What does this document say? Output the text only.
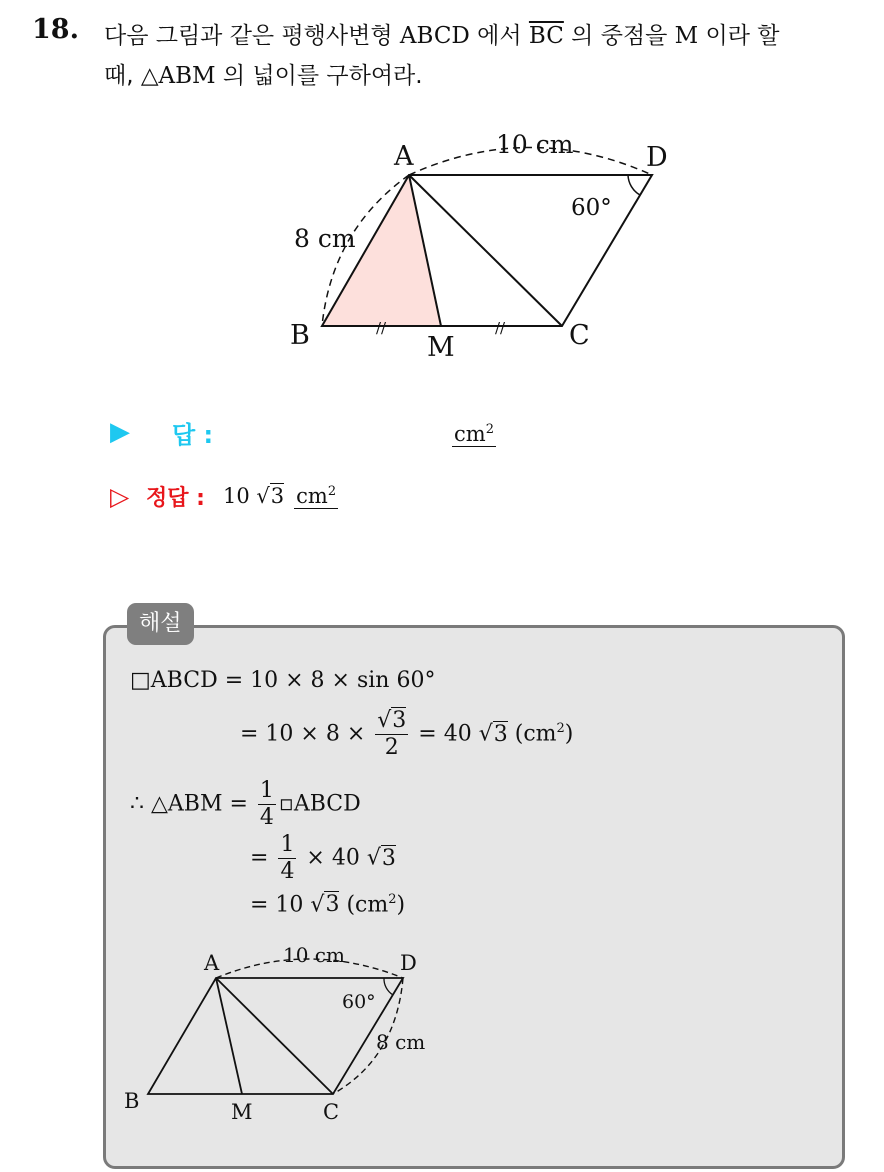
18. 다음 그림과 같은 평행사변형 ABCD 에서 $\overline{BC}$ 의 중점을 M 이라 할
때, △ABM 의 넓이를 구하여라.
//	//
A	D
B	C
M
10 cm
8 cm
60°
▶	답 :	$cm^2$
▷ 정답 : 10 √3 $cm^2$
해설
□ABCD = 10 × 8 × sin 60°
= $10 \times 8 \times \frac{√3}{2} = 40$ √3 $(cm^2)$
∴ △ABM = $\frac{1}{4}$ ▫ABCD
= $\frac{1}{4} \times 40$ √3
= 10 √3 $(cm^2)$
A	D
B	C
M
10 cm
8 cm
60°
